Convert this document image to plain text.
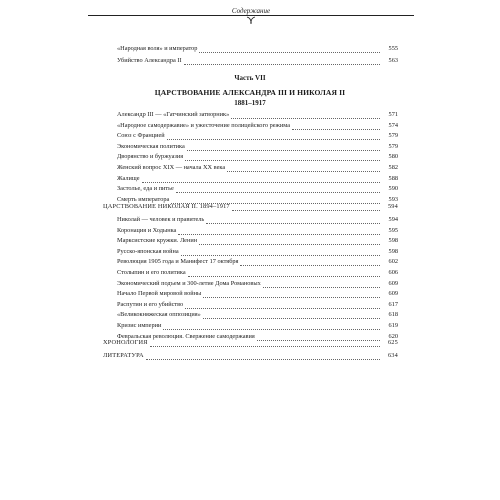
Содержание
«Народная воля» и император	555
Убийство Александра II	563
Часть VII
ЦАРСТВОВАНИЕ АЛЕКСАНДРА III И НИКОЛАЯ II
1881–1917
Александр III — «Гатчинский затворник»	571
«Народное самодержавие» и ужесточение полицейского режима	574
Союз с Францией	579
Экономическая политика	579
Дворянство и буржуазия	580
Женский вопрос XIX — начала XX века	582
Жалище	588
Застолье, еда и питье	590
Смерть императора	593
ЦАРСТВОВАНИЕ НИКОЛАЯ II. 1894–1917	594
Николай — человек и правитель	594
Коронация и Ходынка	595
Марксистские кружки. Ленин	598
Русско-японская война	598
Революция 1905 года и Манифест 17 октября	602
Столыпин и его политика	606
Экономический подъем и 300-летие Дома Романовых	609
Начало Первой мировой войны	609
Распутин и его убийство	617
«Великокняжеская оппозиция»	618
Кризис империи	619
Февральская революция. Свержение самодержавия	620
ХРОНОЛОГИЯ	625
ЛИТЕРАТУРА	634
